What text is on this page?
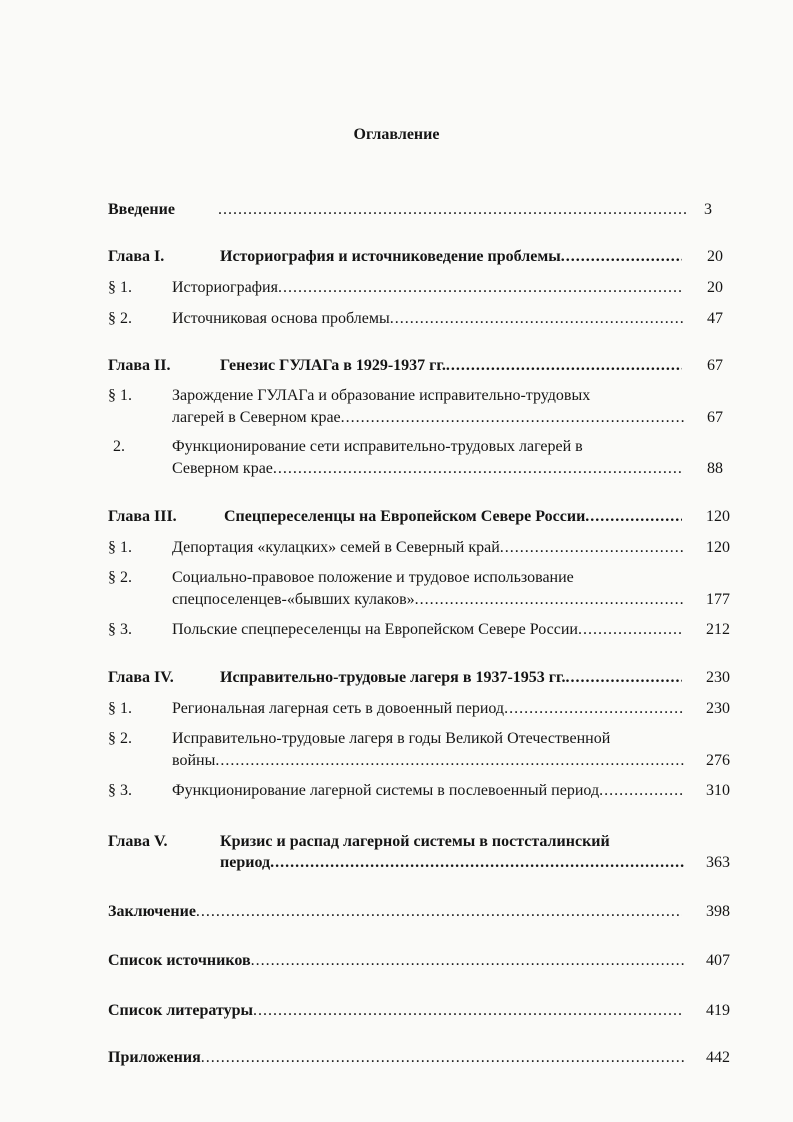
Оглавление
Введение .....	3
Глава I.	Историография и источниковедение проблемы .....	20
§ 1.	Историография .....	20
§ 2.	Источниковая основа проблемы .....	47
Глава II.	Генезис ГУЛАГа в 1929-1937 гг. .....	67
§ 1.	Зарождение ГУЛАГа и образование исправительно-трудовых
лагерей в Северном крае .....	67
2.	Функционирование сети исправительно-трудовых лагерей в
Северном крае .....	88
Глава III.	Спецпереселенцы на Европейском Севере России .....	120
§ 1.	Депортация «кулацких» семей в Северный край .....	120
§ 2.	Социально-правовое положение и трудовое использование
спецпоселенцев-«бывших кулаков» .....	177
§ 3.	Польские спецпереселенцы на Европейском Севере России .....	212
Глава IV.	Исправительно-трудовые лагеря в 1937-1953 гг. .....	230
§ 1.	Региональная лагерная сеть в довоенный период .....	230
§ 2.	Исправительно-трудовые лагеря в годы Великой Отечественной
войны .....	276
§ 3.	Функционирование лагерной системы в послевоенный период .....	310
Глава V.	Кризис и распад лагерной системы в постсталинский
период .....	363
Заключение .....	398
Список источников .....	407
Список литературы .....	419
Приложения .....	442
